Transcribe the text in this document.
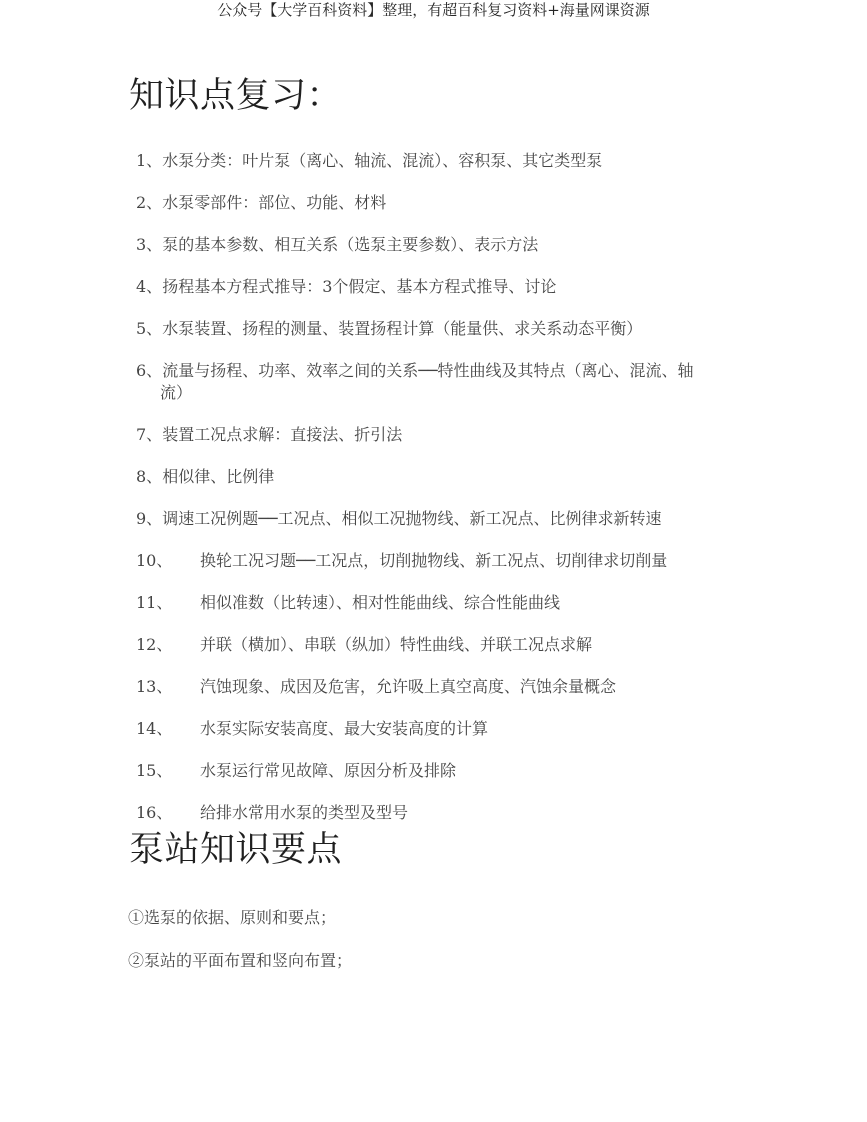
公众号【大学百科资料】整理，有超百科复习资料+海量网课资源
知识点复习：
1、水泵分类：叶片泵（离心、轴流、混流）、容积泵、其它类型泵
2、水泵零部件：部位、功能、材料
3、泵的基本参数、相互关系（选泵主要参数）、表示方法
4、扬程基本方程式推导：3个假定、基本方程式推导、讨论
5、水泵装置、扬程的测量、装置扬程计算（能量供、求关系动态平衡）
6、流量与扬程、功率、效率之间的关系──特性曲线及其特点（离心、混流、轴
流）
7、装置工况点求解：直接法、折引法
8、相似律、比例律
9、调速工况例题──工况点、相似工况抛物线、新工况点、比例律求新转速
10、 换轮工况习题──工况点，切削抛物线、新工况点、切削律求切削量
11、 相似准数（比转速）、相对性能曲线、综合性能曲线
12、 并联（横加）、串联（纵加）特性曲线、并联工况点求解
13、 汽蚀现象、成因及危害，允许吸上真空高度、汽蚀余量概念
14、 水泵实际安装高度、最大安装高度的计算
15、 水泵运行常见故障、原因分析及排除
16、 给排水常用水泵的类型及型号
泵站知识要点
①选泵的依据、原则和要点；
②泵站的平面布置和竖向布置；
